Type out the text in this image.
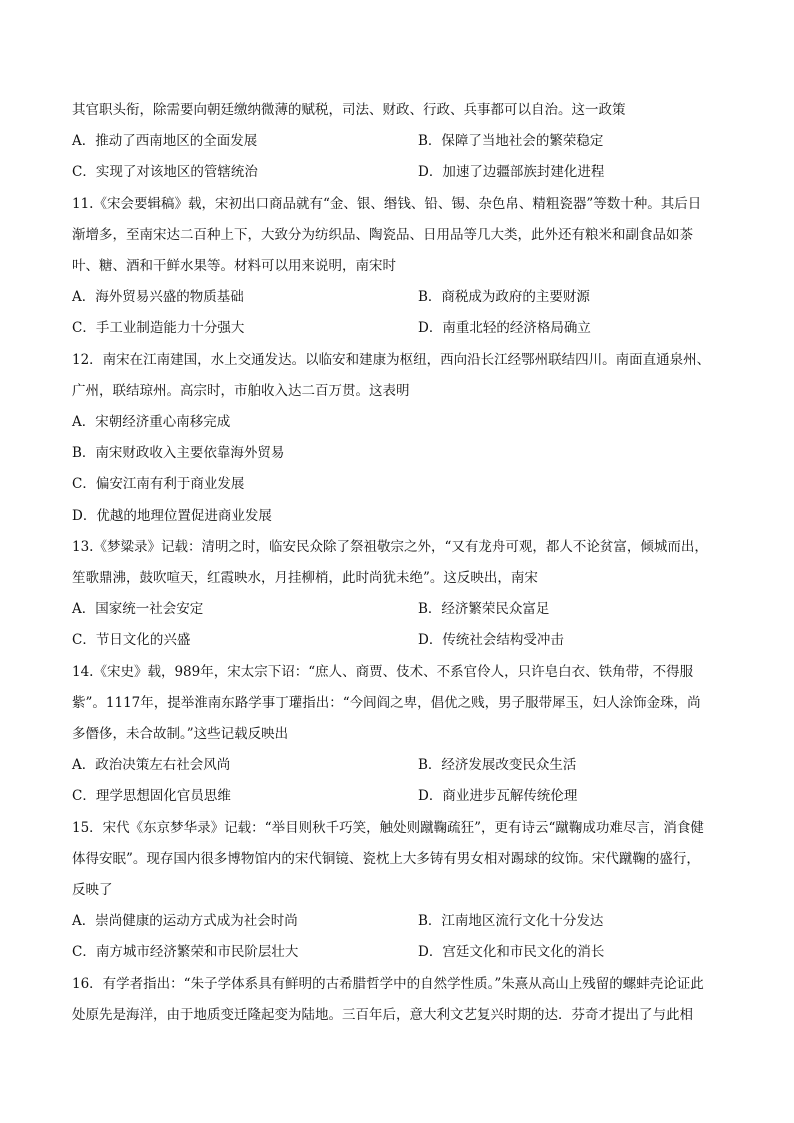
其官职头衔，除需要向朝廷缴纳微薄的赋税，司法、财政、行政、兵事都可以自治。这一政策
A．推动了西南地区的全面发展	B．保障了当地社会的繁荣稳定
C．实现了对该地区的管辖统治	D．加速了边疆部族封建化进程
11.《宋会要辑稿》载，宋初出口商品就有“金、银、缗钱、铅、锡、杂色帛、精粗瓷器”等数十种。其后日
渐增多，至南宋达二百种上下，大致分为纺织品、陶瓷品、日用品等几大类，此外还有粮米和副食品如茶
叶、糖、酒和干鲜水果等。材料可以用来说明，南宋时
A．海外贸易兴盛的物质基础	B．商税成为政府的主要财源
C．手工业制造能力十分强大	D．南重北轻的经济格局确立
12．南宋在江南建国，水上交通发达。以临安和建康为枢纽，西向沿长江经鄂州联结四川。南面直通泉州、
广州，联结琼州。高宗时，市舶收入达二百万贯。这表明
A．宋朝经济重心南移完成
B．南宋财政收入主要依靠海外贸易
C．偏安江南有利于商业发展
D．优越的地理位置促进商业发展
13.《梦粱录》记载：清明之时，临安民众除了祭祖敬宗之外，“又有龙舟可观，都人不论贫富，倾城而出，
笙歌鼎沸，鼓吹喧天，红霞映水，月挂柳梢，此时尚犹未绝”。这反映出，南宋
A．国家统一社会安定	B．经济繁荣民众富足
C．节日文化的兴盛	D．传统社会结构受冲击
14.《宋史》载，989年，宋太宗下诏：“庶人、商贾、伎术、不系官伶人，只许皂白衣、铁角带，不得服
紫”。1117年，提举淮南东路学事丁瓘指出：“今闾阎之卑，倡优之贱，男子服带犀玉，妇人涂饰金珠，尚
多僭侈，未合故制。”这些记载反映出
A．政治决策左右社会风尚	B．经济发展改变民众生活
C．理学思想固化官员思维	D．商业进步瓦解传统伦理
15．宋代《东京梦华录》记载：“举目则秋千巧笑，触处则蹴鞠疏狂”，更有诗云“蹴鞠成功难尽言，消食健
体得安眠”。现存国内很多博物馆内的宋代铜镜、瓷枕上大多铸有男女相对踢球的纹饰。宋代蹴鞠的盛行，
反映了
A．崇尚健康的运动方式成为社会时尚	B．江南地区流行文化十分发达
C．南方城市经济繁荣和市民阶层壮大	D．宫廷文化和市民文化的消长
16．有学者指出：“朱子学体系具有鲜明的古希腊哲学中的自然学性质。”朱熹从高山上残留的螺蚌壳论证此
处原先是海洋，由于地质变迁隆起变为陆地。三百年后，意大利文艺复兴时期的达．芬奇才提出了与此相
